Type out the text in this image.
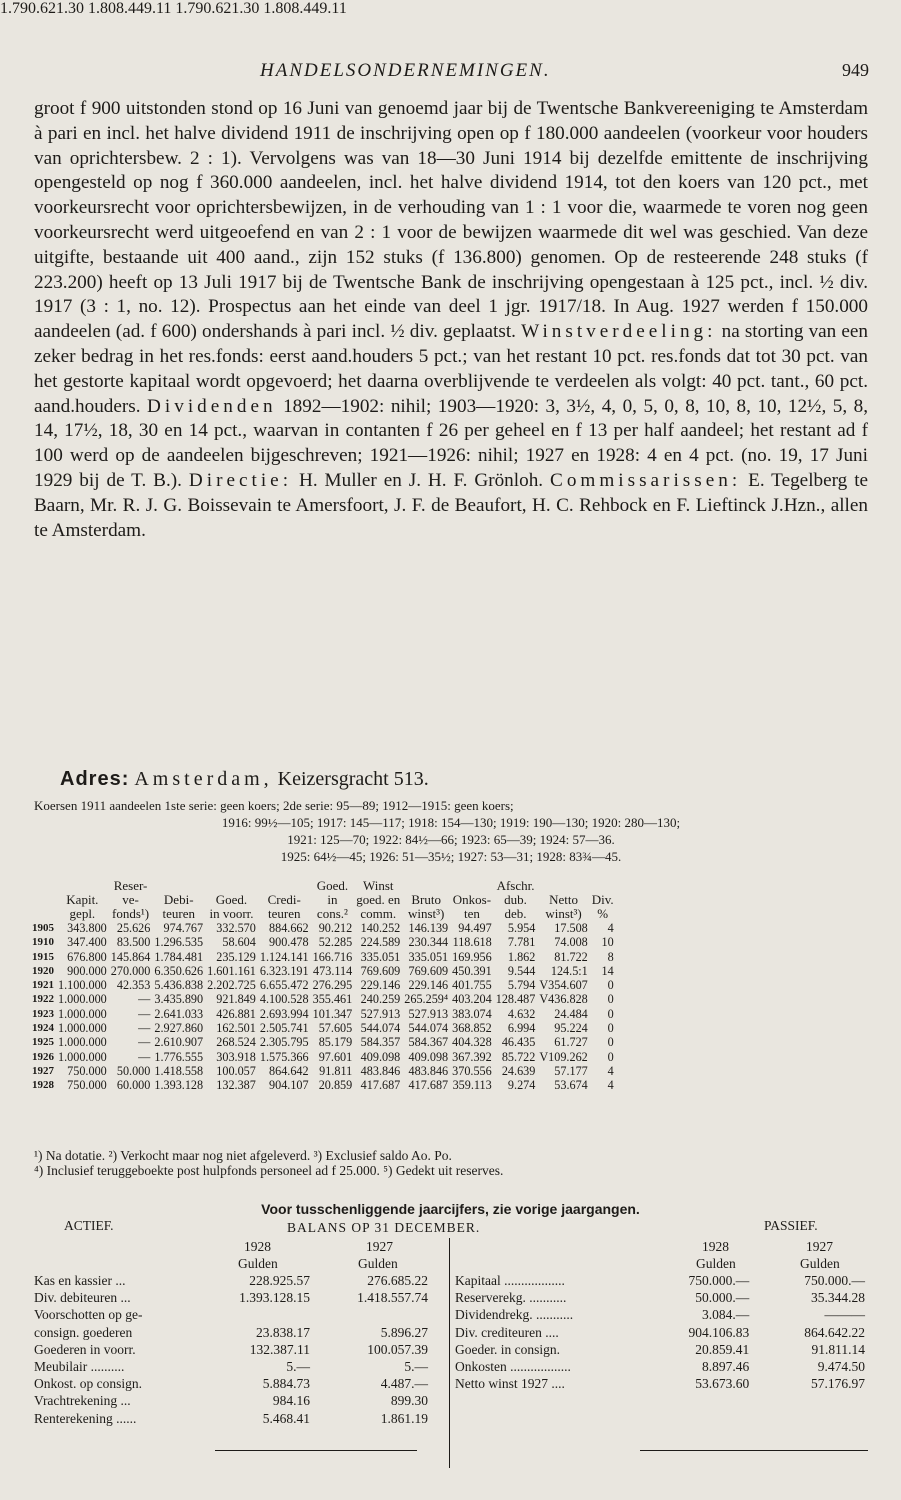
HANDELSONDERNEMINGEN.	949

groot f 900 uitstonden stond op 16 Juni van genoemd jaar bij de Twentsche Bankvereeniging te Amsterdam à pari en incl. het halve dividend 1911 de inschrijving open op f 180.000 aandeelen (voorkeur voor houders van oprichtersbew. 2 : 1). Vervolgens was van 18—30 Juni 1914 bij dezelfde emittente de inschrijving opengesteld op nog f 360.000 aandeelen, incl. het halve dividend 1914, tot den koers van 120 pct., met voorkeursrecht voor oprichtersbewijzen, in de verhouding van 1 : 1 voor die, waarmede te voren nog geen voorkeursrecht werd uitgeoefend en van 2 : 1 voor de bewijzen waarmede dit wel was geschied. Van deze uitgifte, bestaande uit 400 aand., zijn 152 stuks (f 136.800) genomen. Op de resteerende 248 stuks (f 223.200) heeft op 13 Juli 1917 bij de Twentsche Bank de inschrijving opengestaan à 125 pct., incl. ½ div. 1917 (3 : 1, no. 12). Prospectus aan het einde van deel 1 jgr. 1917/18. In Aug. 1927 werden f 150.000 aandeelen (ad. f 600) ondershands à pari incl. ½ div. geplaatst. Winstverdeeling: na storting van een zeker bedrag in het res.fonds: eerst aand.houders 5 pct.; van het restant 10 pct. res.fonds dat tot 30 pct. van het gestorte kapitaal wordt opgevoerd; het daarna overblijvende te verdeelen als volgt: 40 pct. tant., 60 pct. aand.houders. Dividenden 1892—1902: nihil; 1903—1920: 3, 3½, 4, 0, 5, 0, 8, 10, 8, 10, 12½, 5, 8, 14, 17½, 18, 30 en 14 pct., waarvan in contanten f 26 per geheel en f 13 per half aandeel; het restant ad f 100 werd op de aandeelen bijgeschreven; 1921—1926: nihil; 1927 en 1928: 4 en 4 pct. (no. 19, 17 Juni 1929 bij de T. B.). Directie: H. Muller en J. H. F. Grönloh. Commissarissen: E. Tegelberg te Baarn, Mr. R. J. G. Boissevain te Amersfoort, J. F. de Beaufort, H. C. Rehbock en F. Lieftinck J.Hzn., allen te Amsterdam.

Adres: Amsterdam, Keizersgracht 513.
Koersen 1911 aandeelen 1ste serie: geen koers; 2de serie: 95—89; 1912—1915: geen koers;
1916: 99½—105; 1917: 145—117; 1918: 154—130; 1919: 190—130; 1920: 280—130;
1921: 125—70; 1922: 84½—66; 1923: 65—39; 1924: 57—36.
1925: 64½—45; 1926: 51—35½; 1927: 53—31; 1928: 83¾—45.
		Reser-				Goed.	Winst			Afschr.		
	Kapit.	ve-	Debi-	Goed.	Credi-	in	goed. en	Bruto	Onkos-	dub.	Netto	Div.
	gepl.	fonds¹)	teuren	in voorr.	teuren	cons.²	comm.	winst³)	ten	deb.	winst³)	%
1905	343.800	25.626	974.767	332.570	884.662	90.212	140.252	146.139	94.497	5.954	17.508	4
1910	347.400	83.500	1.296.535	58.604	900.478	52.285	224.589	230.344	118.618	7.781	74.008	10
1915	676.800	145.864	1.784.481	235.129	1.124.141	166.716	335.051	335.051	169.956	1.862	81.722	8
1920	900.000	270.000	6.350.626	1.601.161	6.323.191	473.114	769.609	769.609	450.391	9.544	124.5:1	14
1921	1.100.000	42.353	5.436.838	2.202.725	6.655.472	276.295	229.146	229.146	401.755	5.794	V354.607	0
1922	1.000.000	—	3.435.890	921.849	4.100.528	355.461	240.259	265.259⁴	403.204	128.487	V436.828	0
1923	1.000.000	—	2.641.033	426.881	2.693.994	101.347	527.913	527.913	383.074	4.632	24.484	0
1924	1.000.000	—	2.927.860	162.501	2.505.741	57.605	544.074	544.074	368.852	6.994	95.224	0
1925	1.000.000	—	2.610.907	268.524	2.305.795	85.179	584.357	584.367	404.328	46.435	61.727	0
1926	1.000.000	—	1.776.555	303.918	1.575.366	97.601	409.098	409.098	367.392	85.722	V109.262	0
1927	750.000	50.000	1.418.558	100.057	864.642	91.811	483.846	483.846	370.556	24.639	57.177	4
1928	750.000	60.000	1.393.128	132.387	904.107	20.859	417.687	417.687	359.113	9.274	53.674	4
¹) Na dotatie. ²) Verkocht maar nog niet afgeleverd. ³) Exclusief saldo Ao. Po.
⁴) Inclusief teruggeboekte post hulpfonds personeel ad f 25.000. ⁵) Gedekt uit reserves.
Voor tusschenliggende jaarcijfers, zie vorige jaargangen.
ACTIEF.	BALANS OP 31 DECEMBER.	PASSIEF.
1928	1927	1928	1927
Gulden	Gulden	Gulden	Gulden
Kas en kassier ...	228.925.57	276.685.22
Div. debiteuren ...	1.393.128.15	1.418.557.74
Voorschotten op ge-		
consign. goederen	23.838.17	5.896.27
Goederen in voorr.	132.387.11	100.057.39
Meubilair ..........	5.—	5.—
Onkost. op consign.	5.884.73	4.487.—
Vrachtrekening ...	984.16	899.30
Renterekening ......	5.468.41	1.861.19
Kapitaal ..................	750.000.—	750.000.—
Reserverekg. ...........	50.000.—	35.344.28
Dividendrekg. ...........	3.084.—	———
Div. crediteuren ....	904.106.83	864.642.22
Goeder. in consign.	20.859.41	91.811.14
Onkosten ..................	8.897.46	9.474.50
Netto winst 1927 ....	53.673.60	57.176.97
1.790.621.30 1.808.449.11 1.790.621.30 1.808.449.11
